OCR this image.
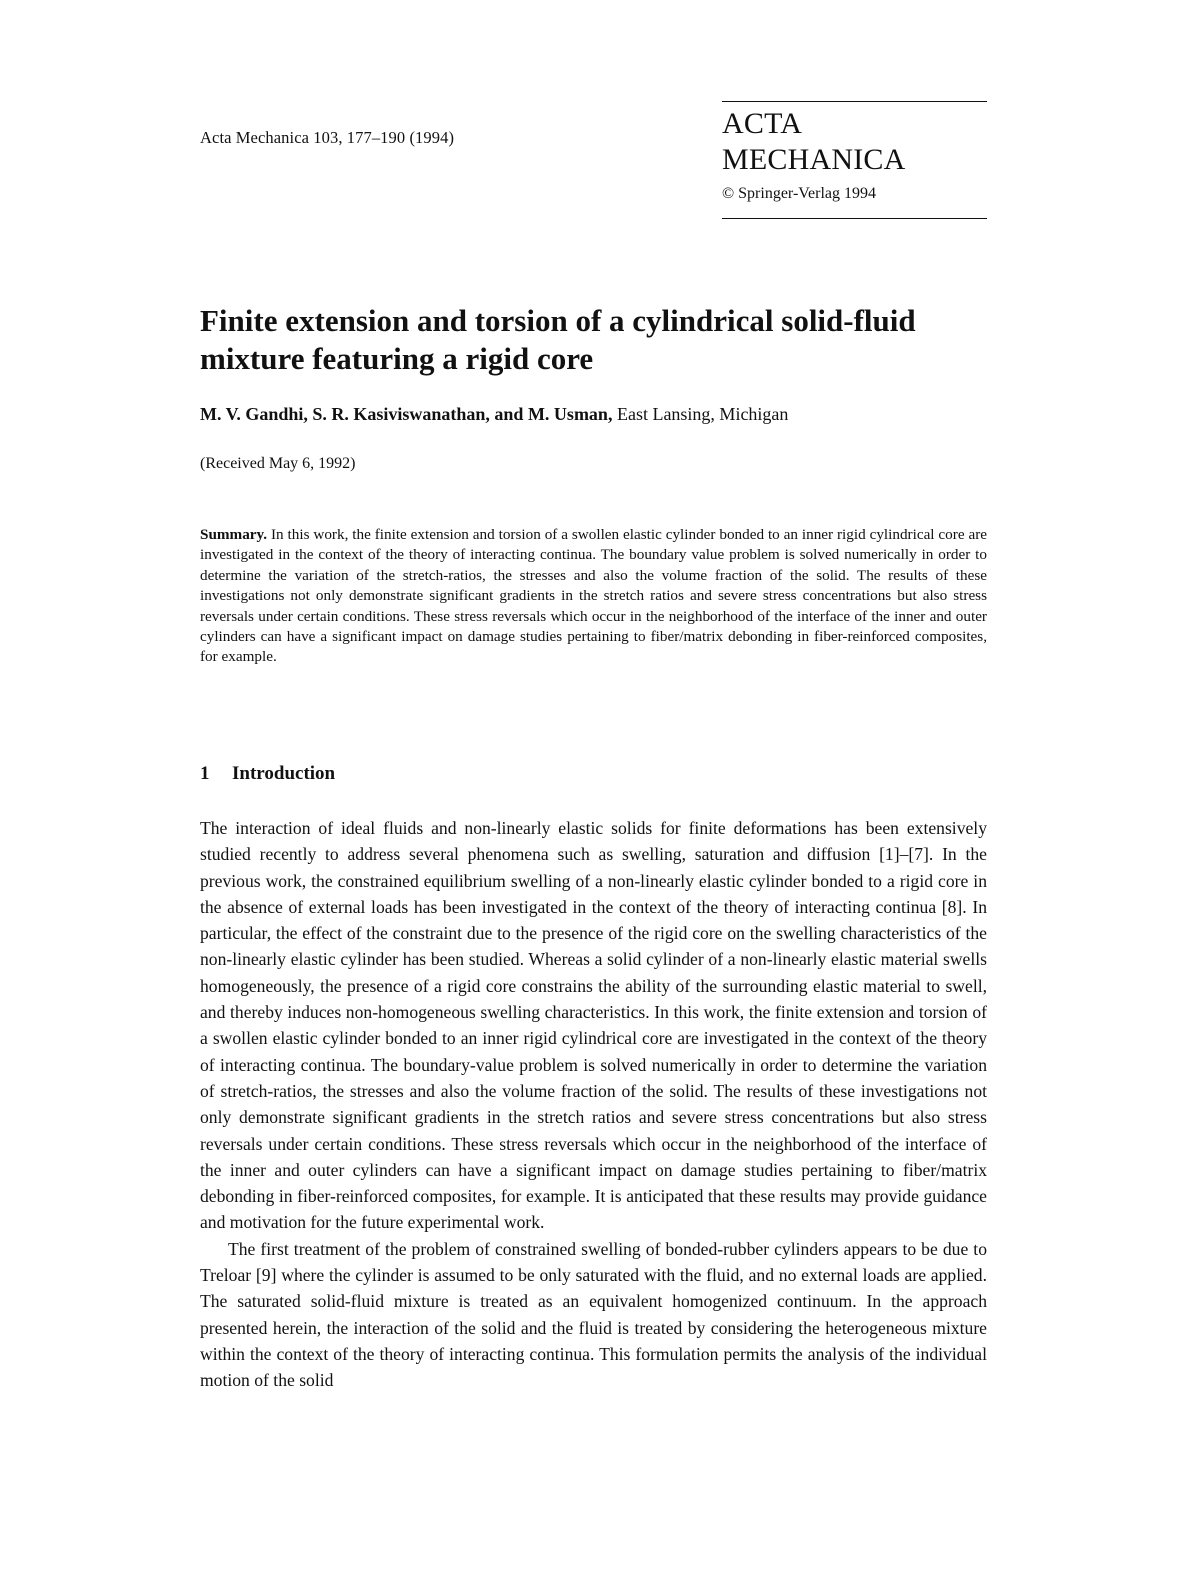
Acta Mechanica 103, 177–190 (1994)	ACTA MECHANICA
© Springer-Verlag 1994
Finite extension and torsion of a cylindrical solid-fluid mixture featuring a rigid core
M. V. Gandhi, S. R. Kasiviswanathan, and M. Usman, East Lansing, Michigan
(Received May 6, 1992)

Summary. In this work, the finite extension and torsion of a swollen elastic cylinder bonded to an inner rigid cylindrical core are investigated in the context of the theory of interacting continua. The boundary value problem is solved numerically in order to determine the variation of the stretch-ratios, the stresses and also the volume fraction of the solid. The results of these investigations not only demonstrate significant gradients in the stretch ratios and severe stress concentrations but also stress reversals under certain conditions. These stress reversals which occur in the neighborhood of the interface of the inner and outer cylinders can have a significant impact on damage studies pertaining to fiber/matrix debonding in fiber-reinforced composites, for example.

1 Introduction

The interaction of ideal fluids and non-linearly elastic solids for finite deformations has been extensively studied recently to address several phenomena such as swelling, saturation and diffusion [1]–[7]. In the previous work, the constrained equilibrium swelling of a non-linearly elastic cylinder bonded to a rigid core in the absence of external loads has been investigated in the context of the theory of interacting continua [8]. In particular, the effect of the constraint due to the presence of the rigid core on the swelling characteristics of the non-linearly elastic cylinder has been studied. Whereas a solid cylinder of a non-linearly elastic material swells homogeneously, the presence of a rigid core constrains the ability of the surrounding elastic material to swell, and thereby induces non-homogeneous swelling characteristics. In this work, the finite extension and torsion of a swollen elastic cylinder bonded to an inner rigid cylindrical core are investigated in the context of the theory of interacting continua. The boundary-value problem is solved numerically in order to determine the variation of stretch-ratios, the stresses and also the volume fraction of the solid. The results of these investigations not only demonstrate significant gradients in the stretch ratios and severe stress concentrations but also stress reversals under certain conditions. These stress reversals which occur in the neighborhood of the interface of the inner and outer cylinders can have a significant impact on damage studies pertaining to fiber/matrix debonding in fiber-reinforced composites, for example. It is anticipated that these results may provide guidance and motivation for the future experimental work.

The first treatment of the problem of constrained swelling of bonded-rubber cylinders appears to be due to Treloar [9] where the cylinder is assumed to be only saturated with the fluid, and no external loads are applied. The saturated solid-fluid mixture is treated as an equivalent homogenized continuum. In the approach presented herein, the interaction of the solid and the fluid is treated by considering the heterogeneous mixture within the context of the theory of interacting continua. This formulation permits the analysis of the individual motion of the solid
